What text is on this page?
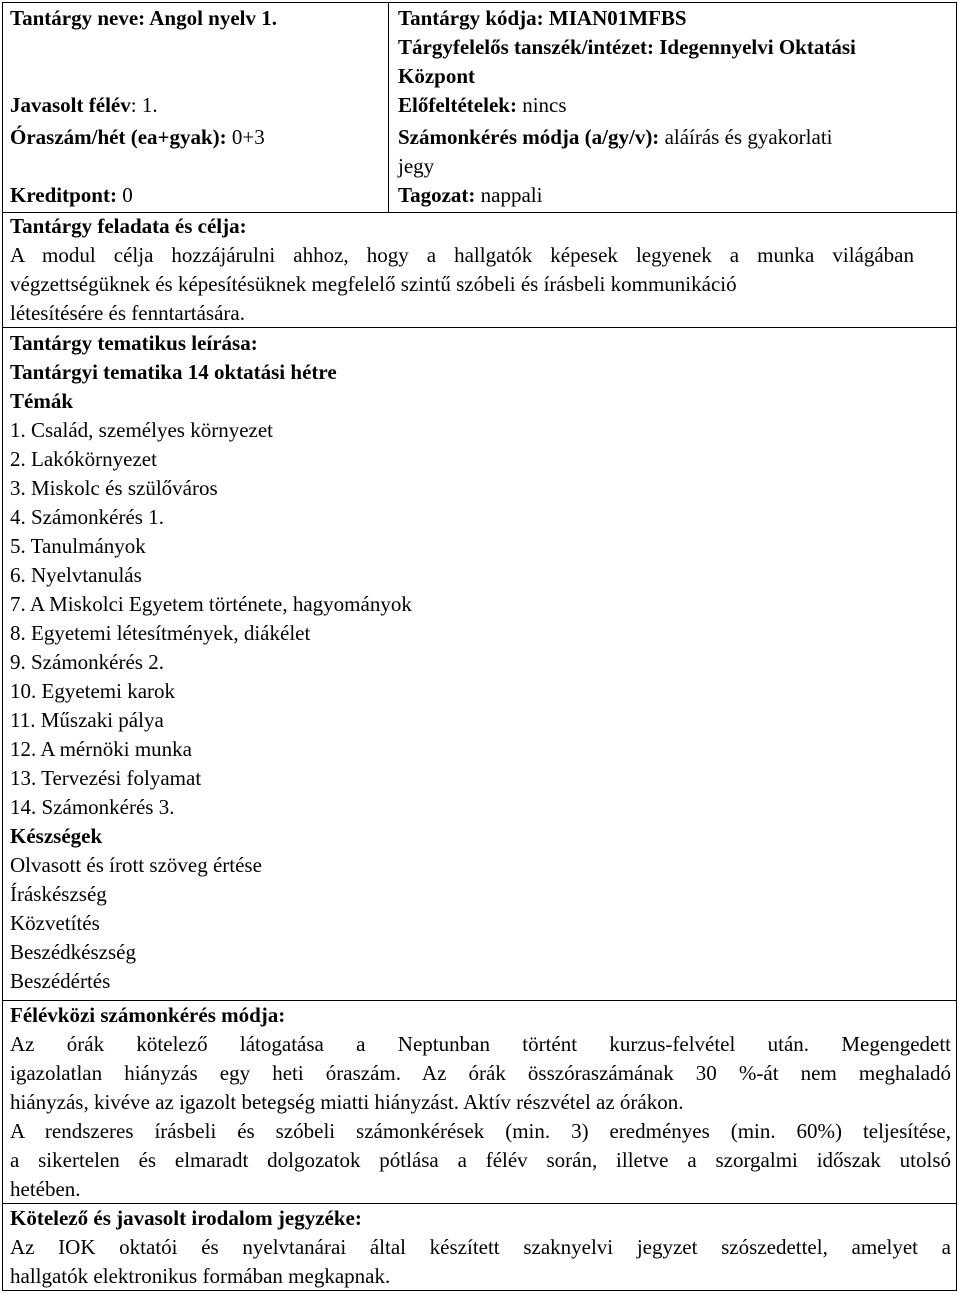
Tantárgy neve: Angol nyelv 1.	Tantárgy kódja: MIAN01MFBS
Tárgyfelelős tanszék/intézet: Idegennyelvi Oktatási
Központ
Javasolt félév: 1.	Előfeltételek: nincs
Óraszám/hét (ea+gyak): 0+3	Számonkérés módja (a/gy/v): aláírás és gyakorlati
jegy
Kreditpont: 0	Tagozat: nappali
Tantárgy feladata és célja:
A modul célja hozzájárulni ahhoz, hogy a hallgatók képesek legyenek a munka világában
végzettségüknek és képesítésüknek megfelelő szintű szóbeli és írásbeli kommunikáció
létesítésére és fenntartására.
Tantárgy tematikus leírása:
Tantárgyi tematika 14 oktatási hétre
Témák
1. Család, személyes környezet
2. Lakókörnyezet
3. Miskolc és szülőváros
4. Számonkérés 1.
5. Tanulmányok
6. Nyelvtanulás
7. A Miskolci Egyetem története, hagyományok
8. Egyetemi létesítmények, diákélet
9. Számonkérés 2.
10. Egyetemi karok
11. Műszaki pálya
12. A mérnöki munka
13. Tervezési folyamat
14. Számonkérés 3.
Készségek
Olvasott és írott szöveg értése
Íráskészség
Közvetítés
Beszédkészség
Beszédértés
Félévközi számonkérés módja:
Az órák kötelező látogatása a Neptunban történt kurzus-felvétel után. Megengedett
igazolatlan hiányzás egy heti óraszám. Az órák összóraszámának 30 %-át nem meghaladó
hiányzás, kivéve az igazolt betegség miatti hiányzást. Aktív részvétel az órákon.
A rendszeres írásbeli és szóbeli számonkérések (min. 3) eredményes (min. 60%) teljesítése,
a sikertelen és elmaradt dolgozatok pótlása a félév során, illetve a szorgalmi időszak utolsó
hetében.
Kötelező és javasolt irodalom jegyzéke:
Az IOK oktatói és nyelvtanárai által készített szaknyelvi jegyzet szószedettel, amelyet a
hallgatók elektronikus formában megkapnak.
